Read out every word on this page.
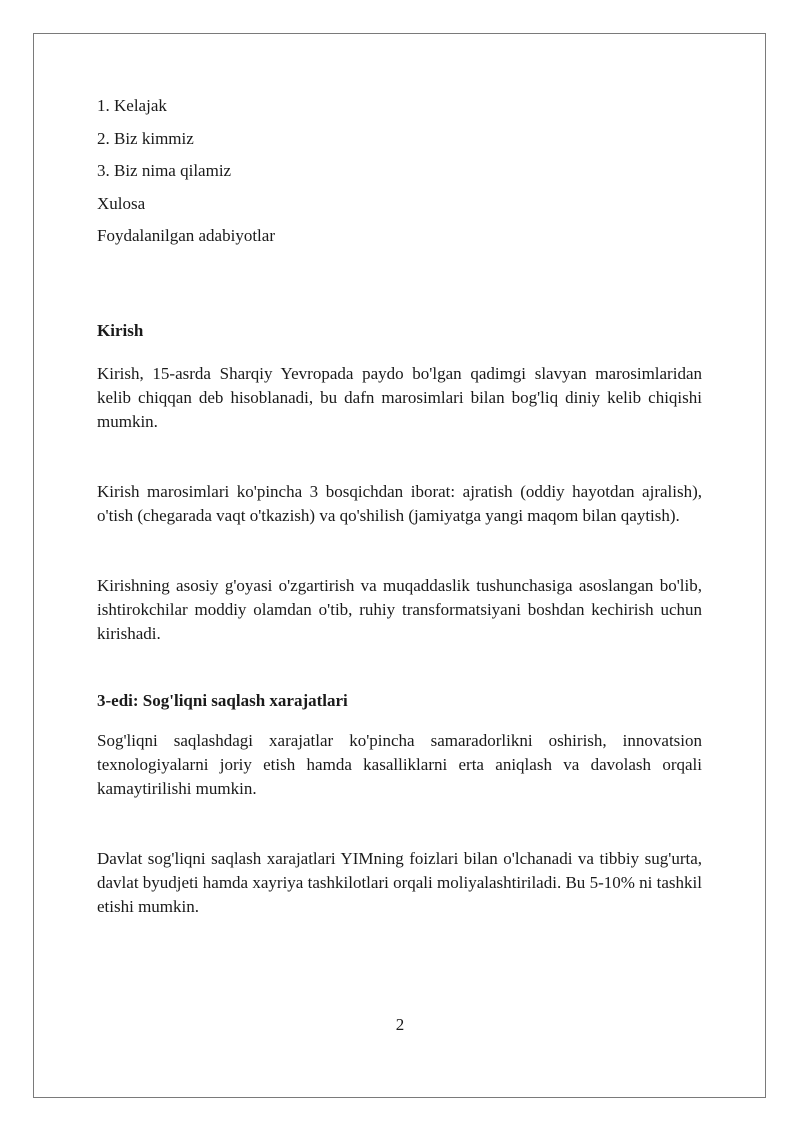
1. Kelajak
2. Biz kimmiz
3. Biz nima qilamiz
Xulosa
Foydalanilgan adabiyotlar
Kirish

Kirish, 15-asrda Sharqiy Yevropada paydo bo'lgan qadimgi slavyan marosimlaridan kelib chiqqan deb hisoblanadi, bu dafn marosimlari bilan bog'liq diniy kelib chiqishi mumkin.

Kirish marosimlari ko'pincha 3 bosqichdan iborat: ajratish (oddiy hayotdan ajralish), o'tish (chegarada vaqt o'tkazish) va qo'shilish (jamiyatga yangi maqom bilan qaytish).

Kirishning asosiy g'oyasi o'zgartirish va muqaddaslik tushunchasiga asoslangan bo'lib, ishtirokchilar moddiy olamdan o'tib, ruhiy transformatsiyani boshdan kechirish uchun kirishadi.

3-edi: Sog'liqni saqlash xarajatlari

Sog'liqni saqlashdagi xarajatlar ko'pincha samaradorlikni oshirish, innovatsion texnologiyalarni joriy etish hamda kasalliklarni erta aniqlash va davolash orqali kamaytirilishi mumkin.

Davlat sog'liqni saqlash xarajatlari YIMning foizlari bilan o'lchanadi va tibbiy sug'urta, davlat byudjeti hamda xayriya tashkilotlari orqali moliyalashtiriladi. Bu 5-10% ni tashkil etishi mumkin.

2
